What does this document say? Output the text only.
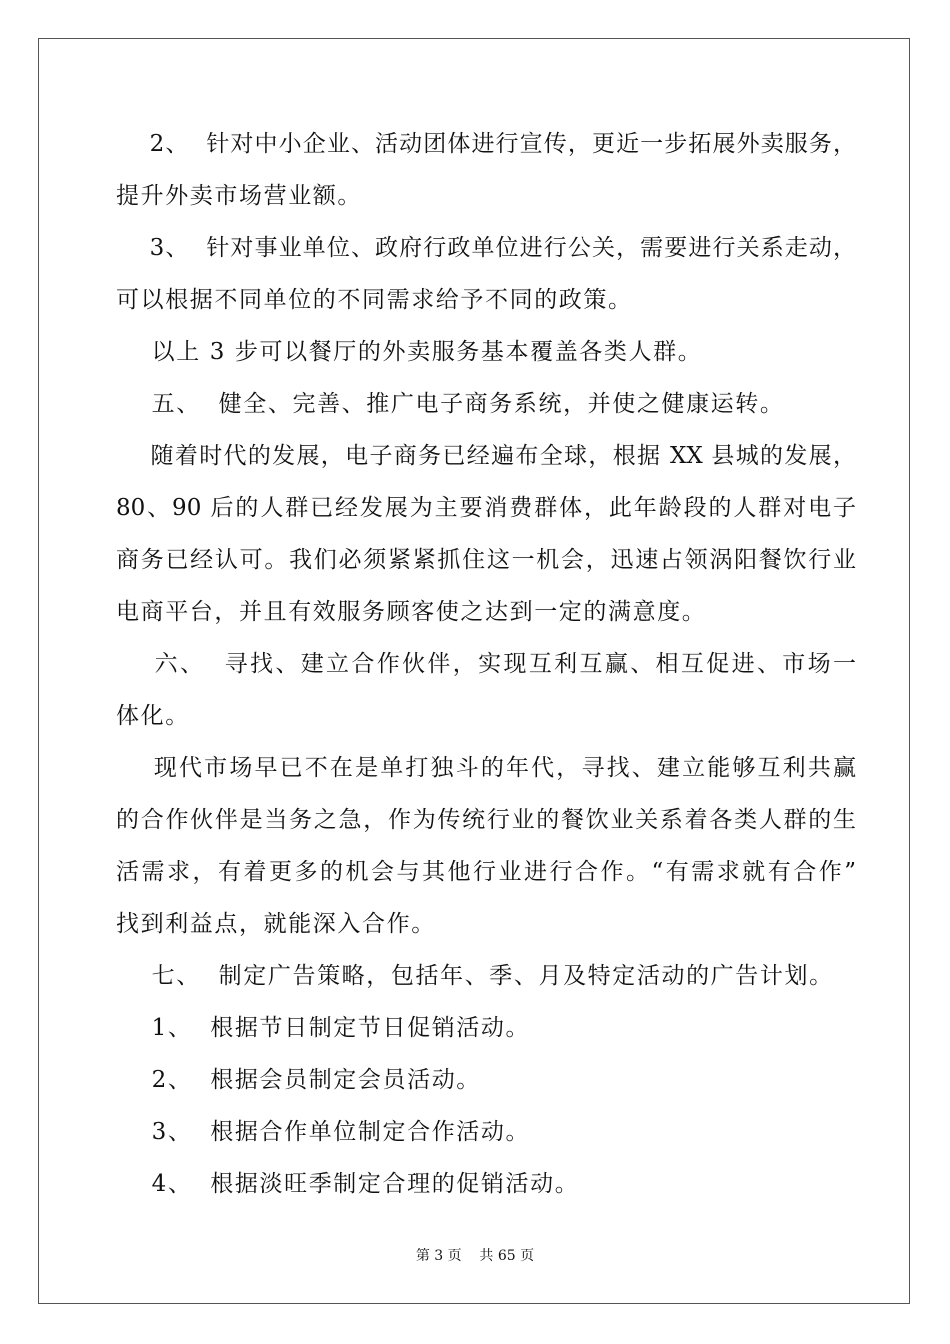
2、  针对中小企业、活动团体进行宣传，更近一步拓展外卖服务，
提升外卖市场营业额。
3、  针对事业单位、政府行政单位进行公关，需要进行关系走动，
可以根据不同单位的不同需求给予不同的政策。
以上 3 步可以餐厅的外卖服务基本覆盖各类人群。
五、  健全、完善、推广电子商务系统，并使之健康运转。
随着时代的发展，电子商务已经遍布全球，根据 XX 县城的发展，
80、90 后的人群已经发展为主要消费群体，此年龄段的人群对电子
商务已经认可。我们必须紧紧抓住这一机会，迅速占领涡阳餐饮行业
电商平台，并且有效服务顾客使之达到一定的满意度。
六、  寻找、建立合作伙伴，实现互利互赢、相互促进、市场一
体化。
现代市场早已不在是单打独斗的年代，寻找、建立能够互利共赢
的合作伙伴是当务之急，作为传统行业的餐饮业关系着各类人群的生
活需求，有着更多的机会与其他行业进行合作。“有需求就有合作”
找到利益点，就能深入合作。
七、  制定广告策略，包括年、季、月及特定活动的广告计划。
1、  根据节日制定节日促销活动。
2、  根据会员制定会员活动。
3、  根据合作单位制定合作活动。
4、  根据淡旺季制定合理的促销活动。
第 3 页    共 65 页
